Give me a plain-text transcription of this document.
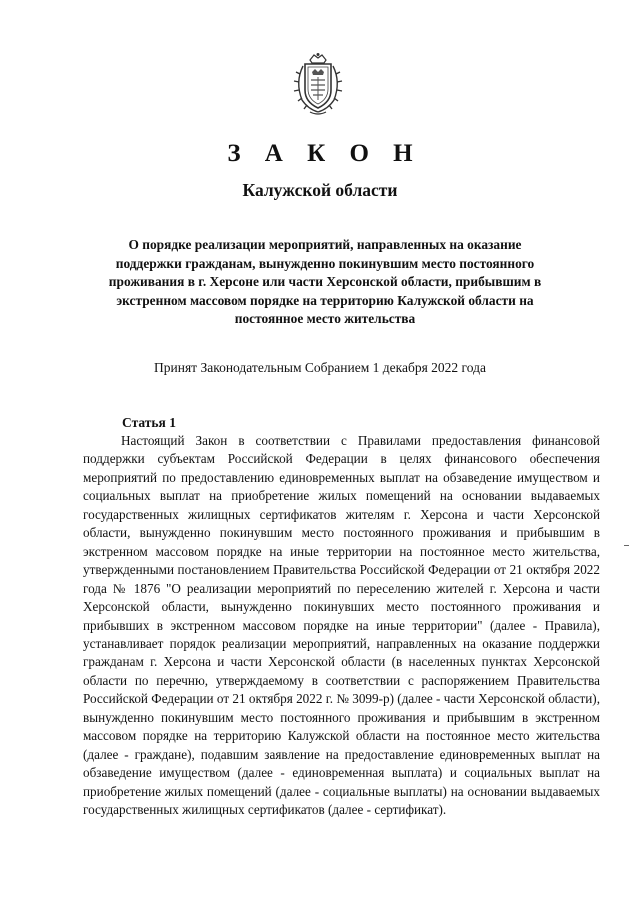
З А К О Н
Калужской области
О порядке реализации мероприятий, направленных на оказание поддержки гражданам, вынужденно покинувшим место постоянного проживания в г. Херсоне или части Херсонской области, прибывшим в экстренном массовом порядке на территорию Калужской области на постоянное место жительства
Принят Законодательным Собранием 1 декабря 2022 года
Статья 1
Настоящий Закон в соответствии с Правилами предоставления финансовой поддержки субъектам Российской Федерации в целях финансового обеспечения мероприятий по предоставлению единовременных выплат на обзаведение имуществом и социальных выплат на приобретение жилых помещений на основании выдаваемых государственных жилищных сертификатов жителям г. Херсона и части Херсонской области, вынужденно покинувшим место постоянного проживания и прибывшим в экстренном массовом порядке на иные территории на постоянное место жительства, утвержденными постановлением Правительства Российской Федерации от 21 октября 2022 года № 1876 "О реализации мероприятий по переселению жителей г. Херсона и части Херсонской области, вынужденно покинувших место постоянного проживания и прибывших в экстренном массовом порядке на иные территории" (далее - Правила), устанавливает порядок реализации мероприятий, направленных на оказание поддержки гражданам г. Херсона и части Херсонской области (в населенных пунктах Херсонской области по перечню, утверждаемому в соответствии с распоряжением Правительства Российской Федерации от 21 октября 2022 г. № 3099-р) (далее - части Херсонской области), вынужденно покинувшим место постоянного проживания и прибывшим в экстренном массовом порядке на территорию Калужской области на постоянное место жительства (далее - граждане), подавшим заявление на предоставление единовременных выплат на обзаведение имуществом (далее - единовременная выплата) и социальных выплат на приобретение жилых помещений (далее - социальные выплаты) на основании выдаваемых государственных жилищных сертификатов (далее - сертификат).
